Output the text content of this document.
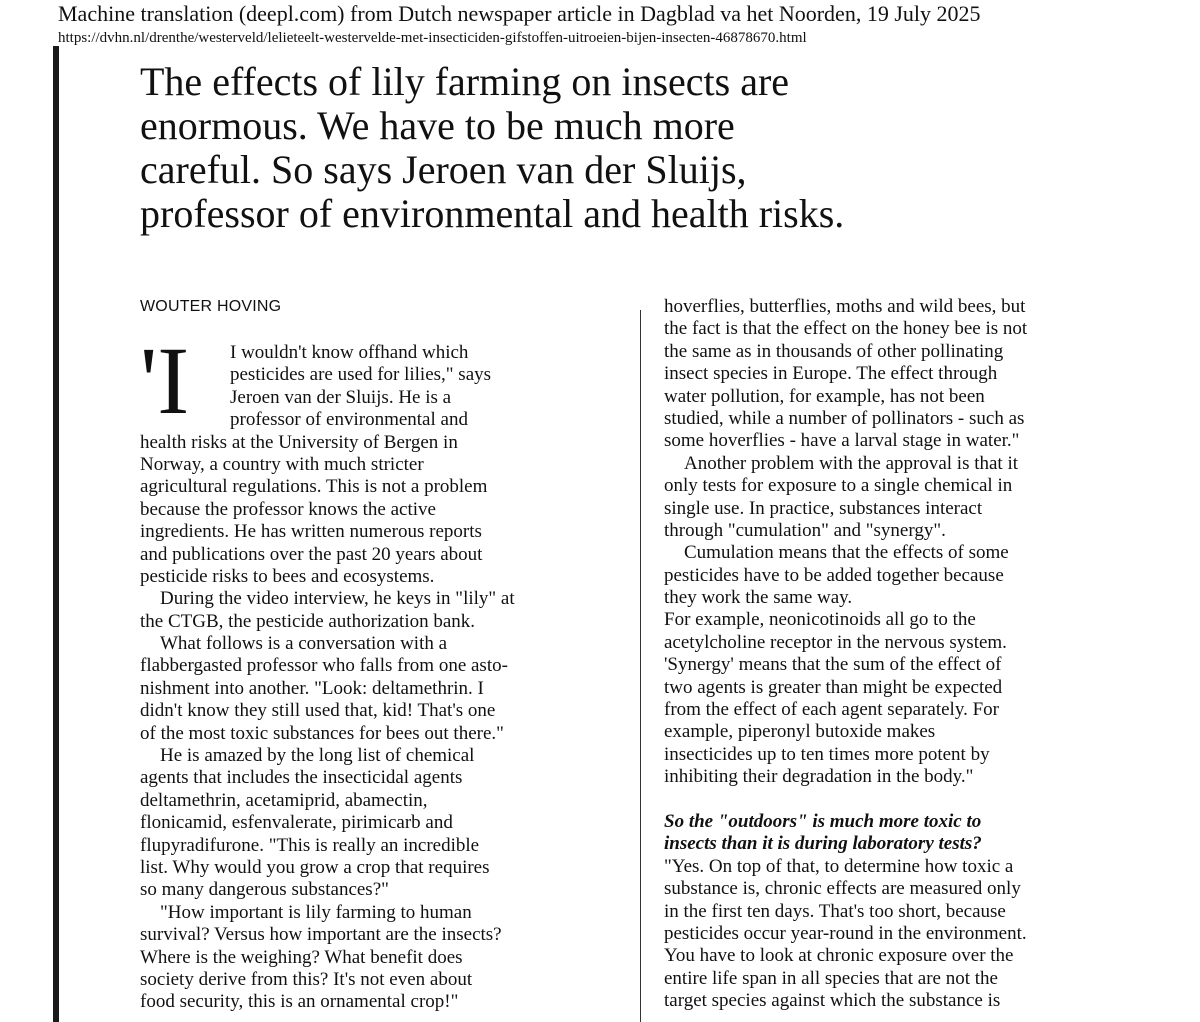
Machine translation (deepl.com) from Dutch newspaper article in Dagblad va het Noorden, 19 July 2025
https://dvhn.nl/drenthe/westerveld/lelieteelt-westervelde-met-insecticiden-gifstoffen-uitroeien-bijen-insecten-46878670.html
The effects of lily farming on insects are
enormous. We have to be much more
careful. So says Jeroen van der Sluijs,
professor of environmental and health risks.
WOUTER HOVING
'I	I wouldn't know offhand which
pesticides are used for lilies," says
Jeroen van der Sluijs. He is a
professor of environmental and
health risks at the University of Bergen in
Norway, a country with much stricter
agricultural regulations. This is not a problem
because the professor knows the active
ingredients. He has written numerous reports
and publications over the past 20 years about
pesticide risks to bees and ecosystems.
During the video interview, he keys in "lily" at
the CTGB, the pesticide authorization bank.
What follows is a conversation with a
flabbergasted professor who falls from one asto-
nishment into another. "Look: deltamethrin. I
didn't know they still used that, kid! That's one
of the most toxic substances for bees out there."
He is amazed by the long list of chemical
agents that includes the insecticidal agents
deltamethrin, acetamiprid, abamectin,
flonicamid, esfenvalerate, pirimicarb and
flupyradifurone. "This is really an incredible
list. Why would you grow a crop that requires
so many dangerous substances?"
"How important is lily farming to human
survival? Versus how important are the insects?
Where is the weighing? What benefit does
society derive from this? It's not even about
food security, this is an ornamental crop!"
hoverflies, butterflies, moths and wild bees, but
the fact is that the effect on the honey bee is not
the same as in thousands of other pollinating
insect species in Europe. The effect through
water pollution, for example, has not been
studied, while a number of pollinators - such as
some hoverflies - have a larval stage in water."
Another problem with the approval is that it
only tests for exposure to a single chemical in
single use. In practice, substances interact
through "cumulation" and "synergy".
Cumulation means that the effects of some
pesticides have to be added together because
they work the same way.
For example, neonicotinoids all go to the
acetylcholine receptor in the nervous system.
'Synergy' means that the sum of the effect of
two agents is greater than might be expected
from the effect of each agent separately. For
example, piperonyl butoxide makes
insecticides up to ten times more potent by
inhibiting their degradation in the body."
So the "outdoors" is much more toxic to
insects than it is during laboratory tests?
"Yes. On top of that, to determine how toxic a
substance is, chronic effects are measured only
in the first ten days. That's too short, because
pesticides occur year-round in the environment.
You have to look at chronic exposure over the
entire life span in all species that are not the
target species against which the substance is
